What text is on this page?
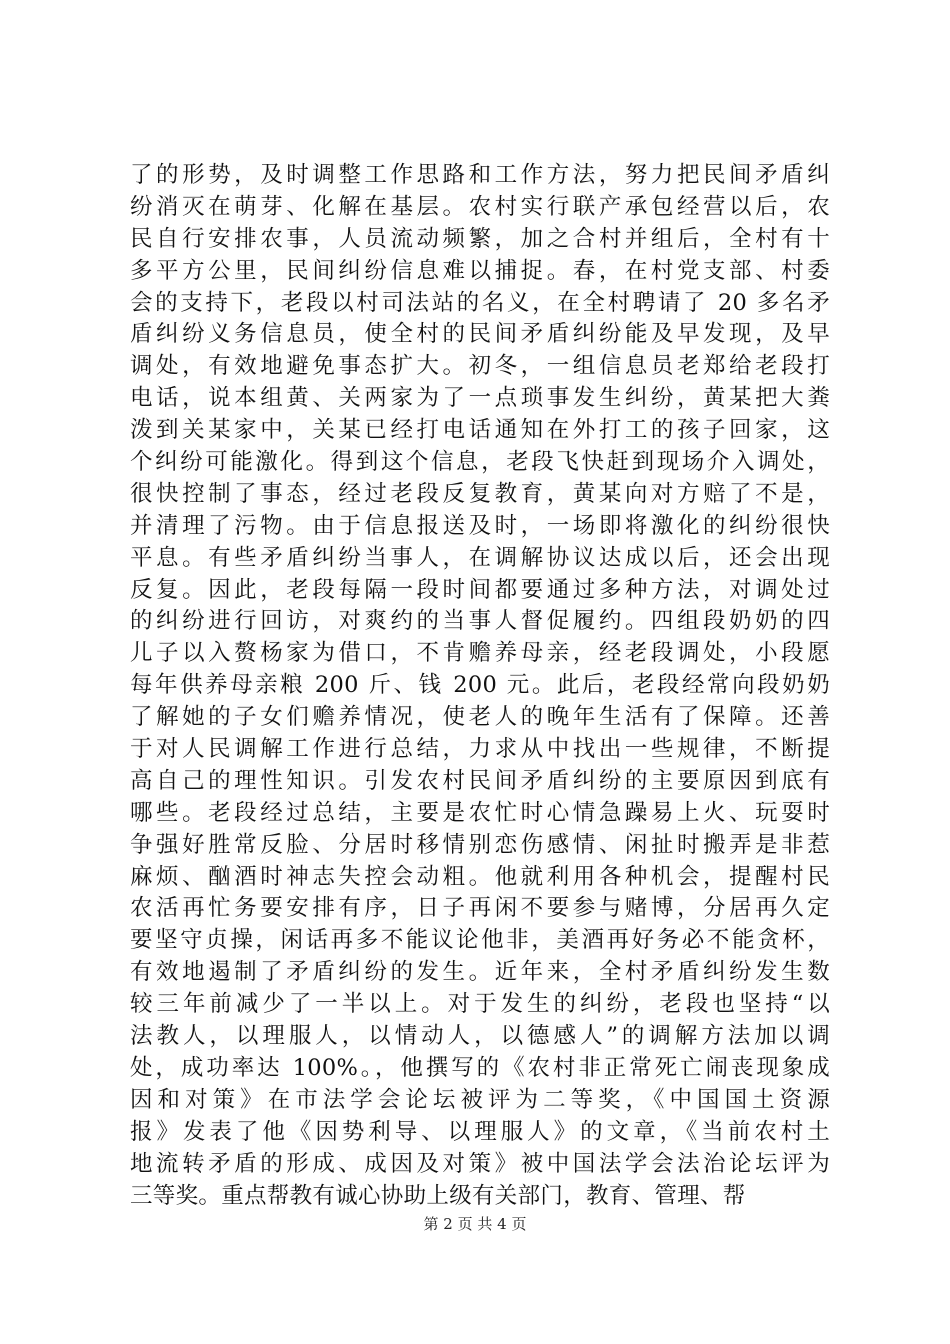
了的形势，及时调整工作思路和工作方法，努力把民间矛盾纠
纷消灭在萌芽、化解在基层。农村实行联产承包经营以后，农
民自行安排农事，人员流动频繁，加之合村并组后，全村有十
多平方公里，民间纠纷信息难以捕捉。春，在村党支部、村委
会的支持下，老段以村司法站的名义，在全村聘请了 20 多名矛
盾纠纷义务信息员，使全村的民间矛盾纠纷能及早发现，及早
调处，有效地避免事态扩大。初冬，一组信息员老郑给老段打
电话，说本组黄、关两家为了一点琐事发生纠纷，黄某把大粪
泼到关某家中，关某已经打电话通知在外打工的孩子回家，这
个纠纷可能激化。得到这个信息，老段飞快赶到现场介入调处，
很快控制了事态，经过老段反复教育，黄某向对方赔了不是，
并清理了污物。由于信息报送及时，一场即将激化的纠纷很快
平息。有些矛盾纠纷当事人，在调解协议达成以后，还会出现
反复。因此，老段每隔一段时间都要通过多种方法，对调处过
的纠纷进行回访，对爽约的当事人督促履约。四组段奶奶的四
儿子以入赘杨家为借口，不肯赡养母亲，经老段调处，小段愿
每年供养母亲粮 200 斤、钱 200 元。此后，老段经常向段奶奶
了解她的子女们赡养情况，使老人的晚年生活有了保障。还善
于对人民调解工作进行总结，力求从中找出一些规律，不断提
高自己的理性知识。引发农村民间矛盾纠纷的主要原因到底有
哪些。老段经过总结，主要是农忙时心情急躁易上火、玩耍时
争强好胜常反脸、分居时移情别恋伤感情、闲扯时搬弄是非惹
麻烦、酗酒时神志失控会动粗。他就利用各种机会，提醒村民
农活再忙务要安排有序，日子再闲不要参与赌博，分居再久定
要坚守贞操，闲话再多不能议论他非，美酒再好务必不能贪杯，
有效地遏制了矛盾纠纷的发生。近年来，全村矛盾纠纷发生数
较三年前减少了一半以上。对于发生的纠纷，老段也坚持“以
法教人，以理服人，以情动人，以德感人”的调解方法加以调
处，成功率达 100%。，他撰写的《农村非正常死亡闹丧现象成
因和对策》在市法学会论坛被评为二等奖，《中国国土资源
报》发表了他《因势利导、以理服人》的文章，《当前农村土
地流转矛盾的形成、成因及对策》被中国法学会法治论坛评为
三等奖。重点帮教有诚心协助上级有关部门，教育、管理、帮
第 2 页 共 4 页
